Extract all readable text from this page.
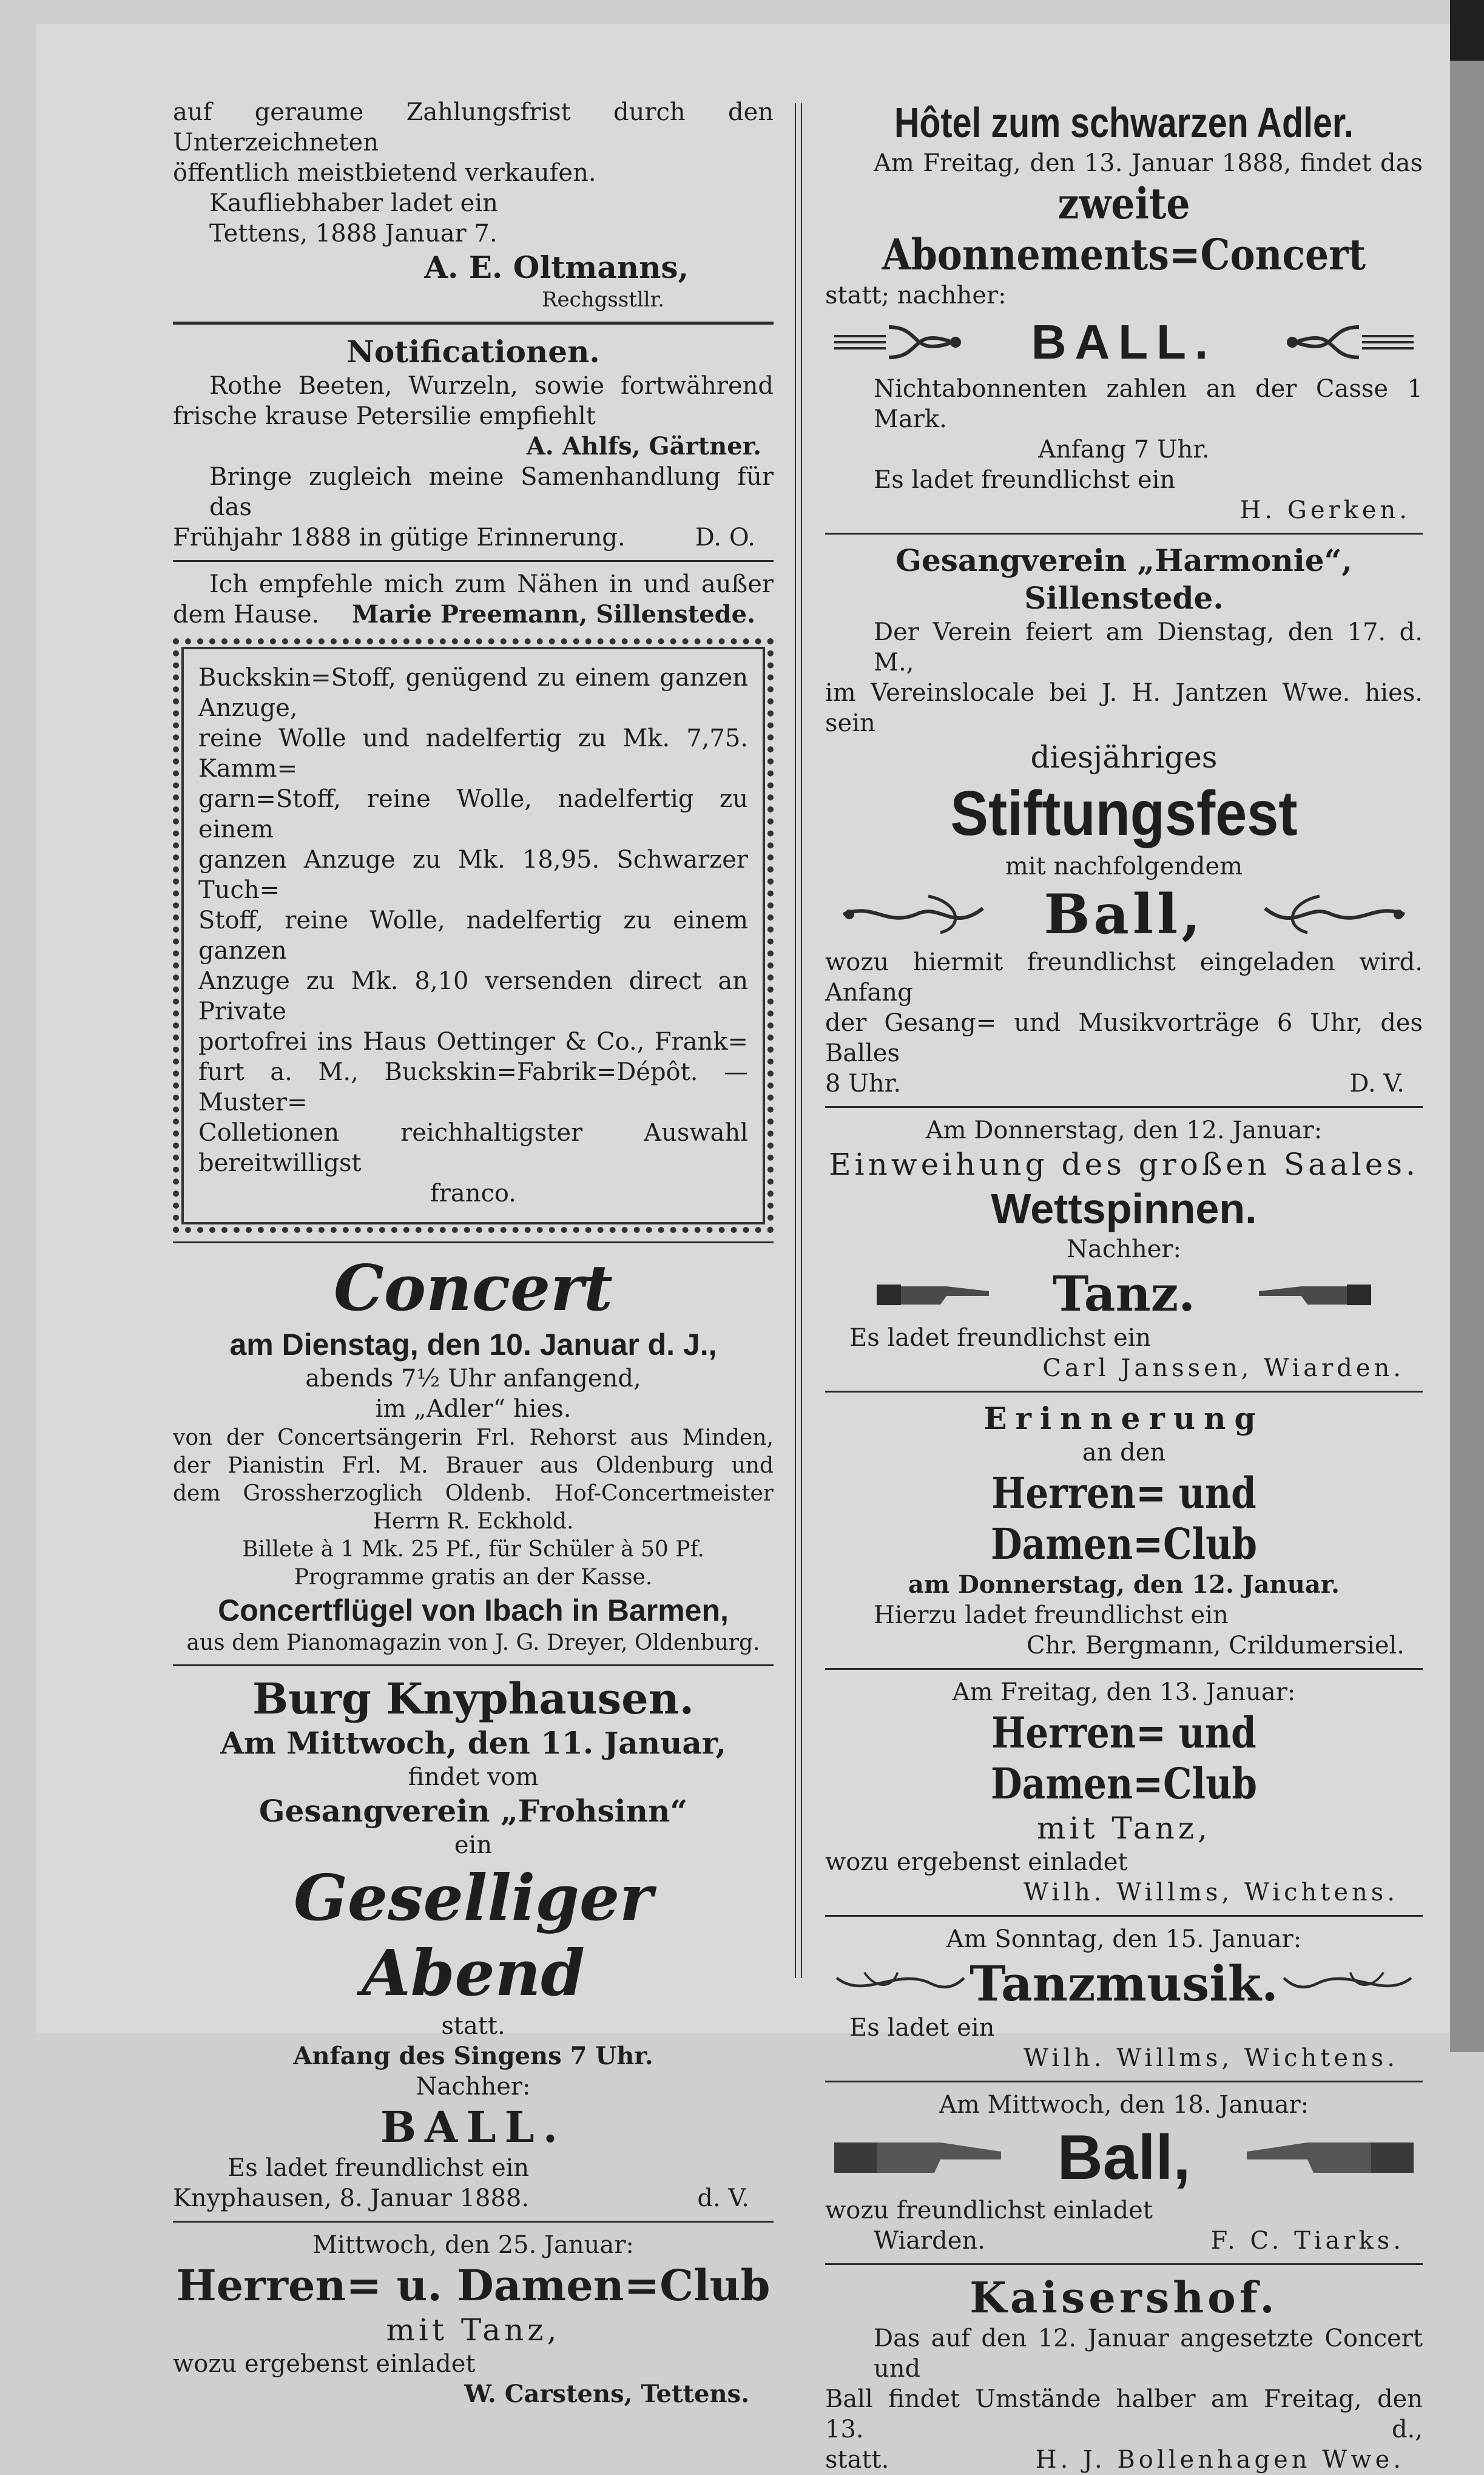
auf geraume Zahlungsfrist durch den Unterzeichneten
öffentlich meistbietend verkaufen.
Kaufliebhaber ladet ein
Tettens, 1888 Januar 7.
A. E. Oltmanns,
Rechgsstllr.
Notificationen.
Rothe Beeten, Wurzeln, sowie fortwährend
frische krause Petersilie empfiehlt
A. Ahlfs, Gärtner.
Bringe zugleich meine Samenhandlung für das
Frühjahr 1888 in gütige Erinnerung.	D. O.
Ich empfehle mich zum Nähen in und außer
dem Hause. Marie Preemann, Sillenstede.
Buckskin=Stoff, genügend zu einem ganzen Anzuge,
reine Wolle und nadelfertig zu Mk. 7,75. Kamm=
garn=Stoff, reine Wolle, nadelfertig zu einem
ganzen Anzuge zu Mk. 18,95. Schwarzer Tuch=
Stoff, reine Wolle, nadelfertig zu einem ganzen
Anzuge zu Mk. 8,10 versenden direct an Private
portofrei ins Haus Oettinger & Co., Frank=
furt a. M., Buckskin=Fabrik=Dépôt. — Muster=
Colletionen reichhaltigster Auswahl bereitwilligst
franco.
Concert
am Dienstag, den 10. Januar d. J.,
abends 7½ Uhr anfangend,
im „Adler“ hies.
von der Concertsängerin Frl. Rehorst aus Minden,
der Pianistin Frl. M. Brauer aus Oldenburg und
dem Grossherzoglich Oldenb. Hof-Concertmeister
Herrn R. Eckhold.
Billete à 1 Mk. 25 Pf., für Schüler à 50 Pf.
Programme gratis an der Kasse.
Concertflügel von Ibach in Barmen,
aus dem Pianomagazin von J. G. Dreyer, Oldenburg.
Burg Knyphausen.
Am Mittwoch, den 11. Januar,
findet vom
Gesangverein „Frohsinn“
ein
Geselliger Abend
statt.
Anfang des Singens 7 Uhr.
Nachher:
BALL.
Es ladet freundlichst ein
Knyphausen, 8. Januar 1888.	d. V.
Mittwoch, den 25. Januar:
Herren= u. Damen=Club
mit Tanz,
wozu ergebenst einladet
W. Carstens, Tettens.
Hôtel zum schwarzen Adler.
Am Freitag, den 13. Januar 1888, findet das
zweite Abonnements=Concert
statt; nachher:
BALL.
Nichtabonnenten zahlen an der Casse 1 Mark.
Anfang 7 Uhr.
Es ladet freundlichst ein
H. Gerken.
Gesangverein „Harmonie“, Sillenstede.
Der Verein feiert am Dienstag, den 17. d. M.,
im Vereinslocale bei J. H. Jantzen Wwe. hies. sein
diesjähriges
Stiftungsfest
mit nachfolgendem
Ball,
wozu hiermit freundlichst eingeladen wird. Anfang
der Gesang= und Musikvorträge 6 Uhr, des Balles
8 Uhr.	D. V.
Am Donnerstag, den 12. Januar:
Einweihung des großen Saales.
Wettspinnen.
Nachher:
Tanz.
Es ladet freundlichst ein
Carl Janssen, Wiarden.
Erinnerung
an den
Herren= und Damen=Club
am Donnerstag, den 12. Januar.
Hierzu ladet freundlichst ein
Chr. Bergmann, Crildumersiel.
Am Freitag, den 13. Januar:
Herren= und Damen=Club
mit Tanz,
wozu ergebenst einladet
Wilh. Willms, Wichtens.
Am Sonntag, den 15. Januar:
Tanzmusik.
Es ladet ein
Wilh. Willms, Wichtens.
Am Mittwoch, den 18. Januar:
Ball,
wozu freundlichst einladet
Wiarden.	F. C. Tiarks.
Kaisershof.
Das auf den 12. Januar angesetzte Concert und
Ball findet Umstände halber am Freitag, den 13. d.,
statt.	H. J. Bollenhagen Wwe.
